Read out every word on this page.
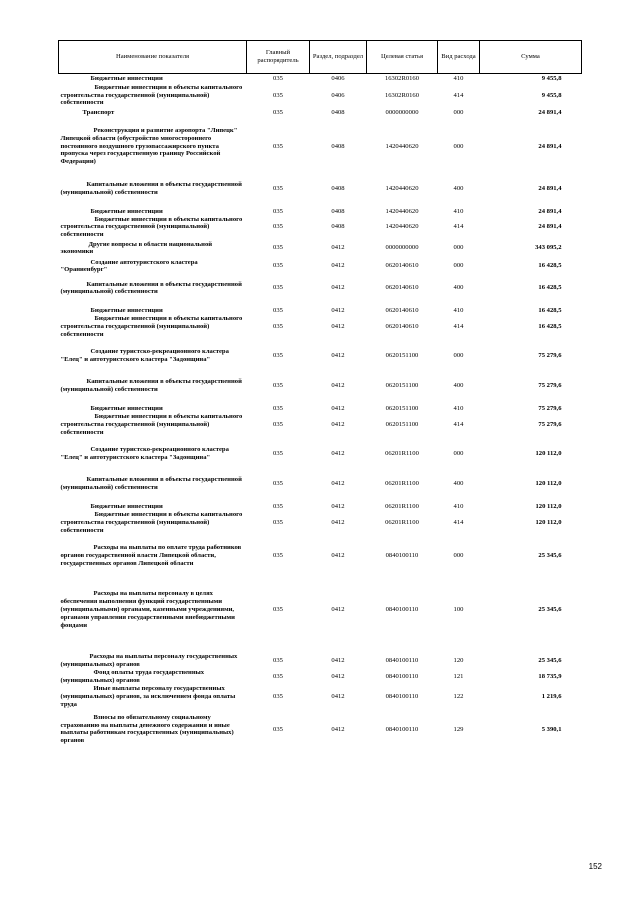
Наименование показателя	Главный распорядитель	Раздел, подраздел	Целевая статья	Вид расхода	Сумма
Бюджетные инвестиции	035	0406	16302R0160	410	9 455,8
Бюджетные инвестиции в объекты капитального строительства государственной (муниципальной) собственности	035	0406	16302R0160	414	9 455,8
Транспорт	035	0408	0000000000	000	24 891,4
Реконструкция и развитие аэропорта "Липецк" Липецкой области (обустройство многостороннего постоянного воздушного грузопассажирского пункта пропуска через государственную границу Российской Федерации)	035	0408	1420440620	000	24 891,4
Капитальные вложения в объекты государственной (муниципальной) собственности	035	0408	1420440620	400	24 891,4
Бюджетные инвестиции	035	0408	1420440620	410	24 891,4
Бюджетные инвестиции в объекты капитального строительства государственной (муниципальной) собственности	035	0408	1420440620	414	24 891,4
Другие вопросы в области национальной экономики	035	0412	0000000000	000	343 095,2
Создание автотуристского кластера "Ораниенбург"	035	0412	0620140610	000	16 428,5
Капитальные вложения в объекты государственной (муниципальной) собственности	035	0412	0620140610	400	16 428,5
Бюджетные инвестиции	035	0412	0620140610	410	16 428,5
Бюджетные инвестиции в объекты капитального строительства государственной (муниципальной) собственности	035	0412	0620140610	414	16 428,5
Создание туристско-рекреационного кластера "Елец" и автотуристского кластера "Задонщина"	035	0412	0620151100	000	75 279,6
Капитальные вложения в объекты государственной (муниципальной) собственности	035	0412	0620151100	400	75 279,6
Бюджетные инвестиции	035	0412	0620151100	410	75 279,6
Бюджетные инвестиции в объекты капитального строительства государственной (муниципальной) собственности	035	0412	0620151100	414	75 279,6
Создание туристско-рекреационного кластера "Елец" и автотуристского кластера "Задонщина"	035	0412	06201R1100	000	120 112,0
Капитальные вложения в объекты государственной (муниципальной) собственности	035	0412	06201R1100	400	120 112,0
Бюджетные инвестиции	035	0412	06201R1100	410	120 112,0
Бюджетные инвестиции в объекты капитального строительства государственной (муниципальной) собственности	035	0412	06201R1100	414	120 112,0
Расходы на выплаты по оплате труда работников органов государственной власти Липецкой области, государственных органов Липецкой области	035	0412	0840100110	000	25 345,6
Расходы на выплаты персоналу в целях обеспечения выполнения функций государственными (муниципальными) органами, казенными учреждениями, органами управления государственными внебюджетными фондами	035	0412	0840100110	100	25 345,6
Расходы на выплаты персоналу государственных (муниципальных) органов	035	0412	0840100110	120	25 345,6
Фонд оплаты труда государственных (муниципальных) органов	035	0412	0840100110	121	18 735,9
Иные выплаты персоналу государственных (муниципальных) органов, за исключением фонда оплаты труда	035	0412	0840100110	122	1 219,6
Взносы по обязательному социальному страхованию на выплаты денежного содержания и иные выплаты работникам государственных (муниципальных) органов	035	0412	0840100110	129	5 390,1
152
